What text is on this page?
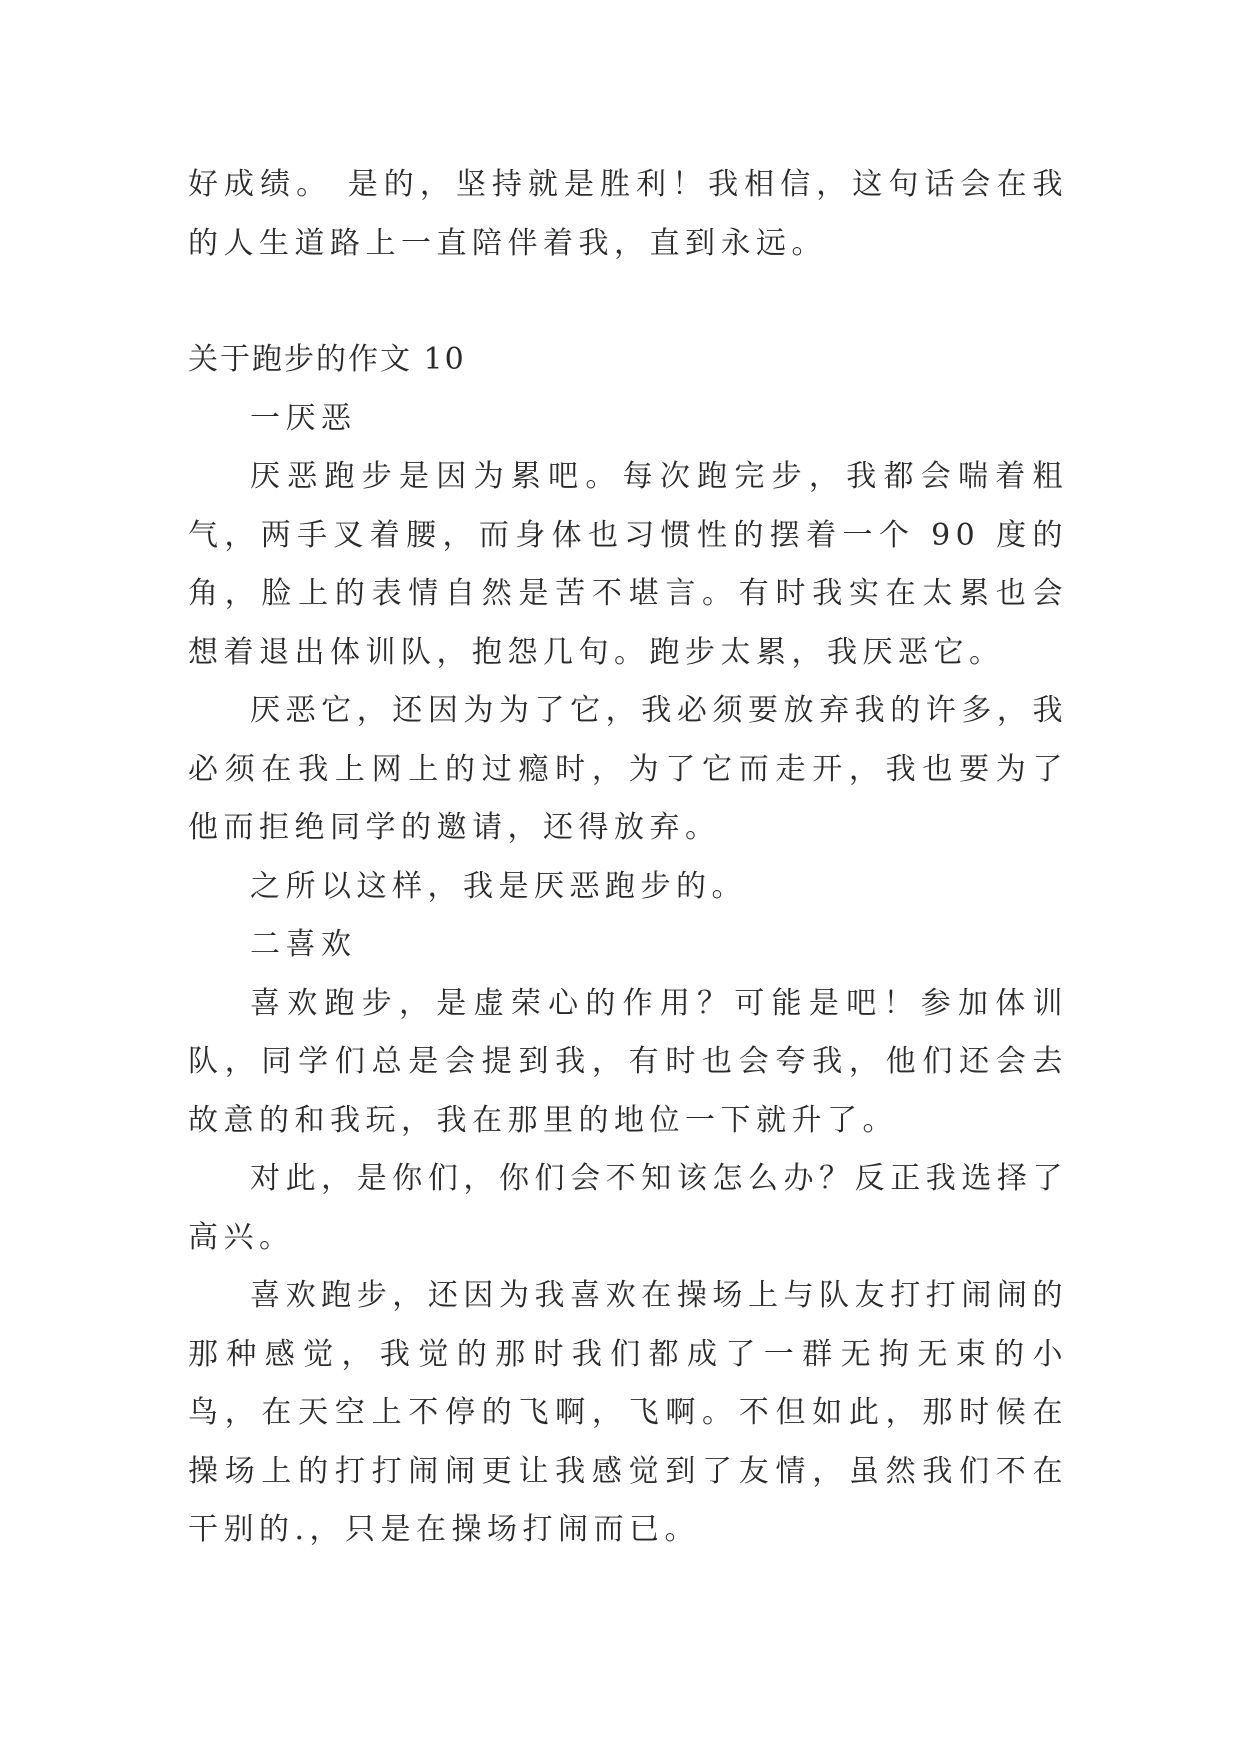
好成绩。 是的，坚持就是胜利！我相信，这句话会在我的人生道路上一直陪伴着我，直到永远。

关于跑步的作文 10

一厌恶

厌恶跑步是因为累吧。每次跑完步，我都会喘着粗气，两手叉着腰，而身体也习惯性的摆着一个 90 度的角，脸上的表情自然是苦不堪言。有时我实在太累也会想着退出体训队，抱怨几句。跑步太累，我厌恶它。

厌恶它，还因为为了它，我必须要放弃我的许多，我必须在我上网上的过瘾时，为了它而走开，我也要为了他而拒绝同学的邀请，还得放弃。

之所以这样，我是厌恶跑步的。

二喜欢

喜欢跑步，是虚荣心的作用？可能是吧！参加体训队，同学们总是会提到我，有时也会夸我，他们还会去故意的和我玩，我在那里的地位一下就升了。

对此，是你们，你们会不知该怎么办？反正我选择了高兴。

喜欢跑步，还因为我喜欢在操场上与队友打打闹闹的那种感觉，我觉的那时我们都成了一群无拘无束的小鸟，在天空上不停的飞啊，飞啊。不但如此，那时候在操场上的打打闹闹更让我感觉到了友情，虽然我们不在干别的.，只是在操场打闹而已。
